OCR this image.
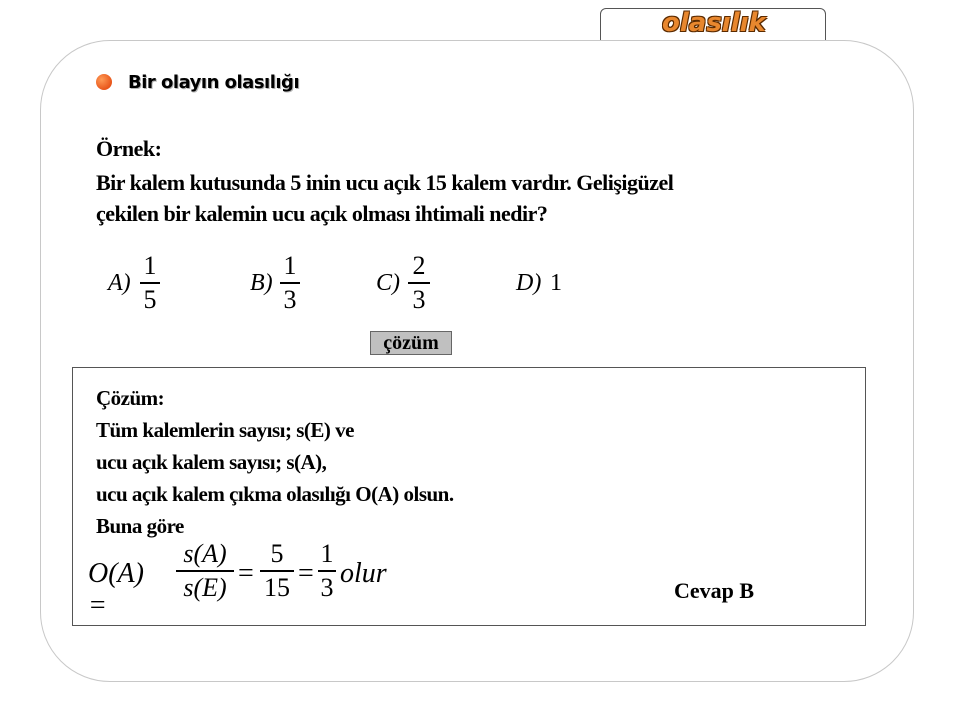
olasılık
Bir olayın olasılığı
Örnek:
Bir kalem kutusunda 5 inin ucu açık 15 kalem vardır. Gelişigüzel
çekilen bir kalemin ucu açık olması ihtimali nedir?
A)
1
5
B)
1
3
C)
2
3
D) 1
çözüm
Çözüm:
Tüm kalemlerin sayısı; s(E) ve
ucu açık kalem sayısı; s(A),
ucu açık kalem çıkma olasılığı O(A) olsun.
Buna göre
O(A) =
s(A)
s(E) =
5
15 =
1
3 olur
Cevap B
